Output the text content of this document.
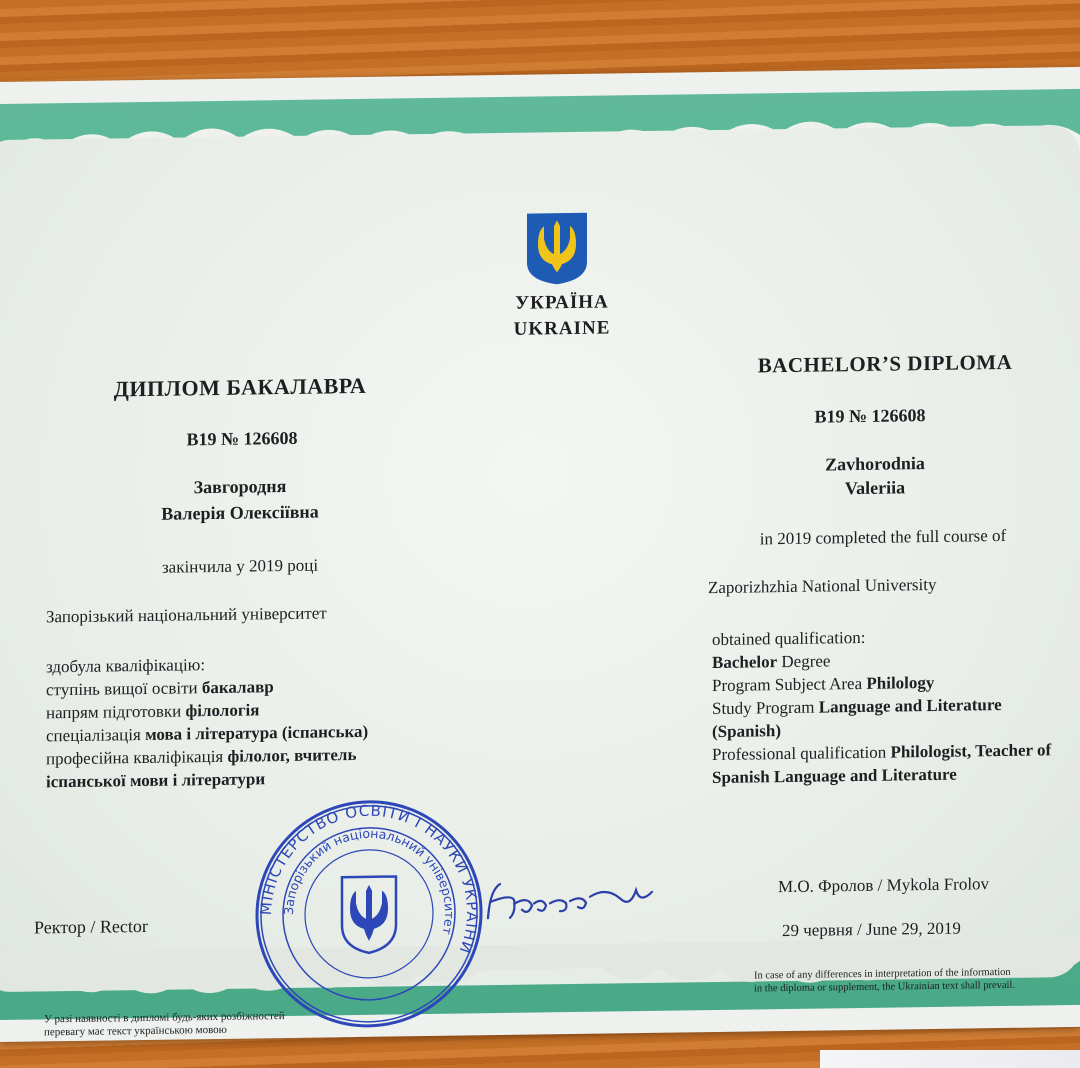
УКРАЇНА
UKRAINE
ДИПЛОМ БАКАЛАВРА
B19 № 126608
Завгородня
Валерія Олексіївна
закінчила у 2019 році
Запорізький національний університет
здобула кваліфікацію:
ступінь вищої освіти бакалавр
напрям підготовки філологія
спеціалізація мова і література (іспанська)
професійна кваліфікація філолог, вчитель
іспанської мови і літератури
Ректор / Rector
У разі наявності в дипломі будь-яких розбіжностей
перевагу має текст українською мовою
BACHELOR’S DIPLOMA
B19 № 126608
Zavhorodnia
Valeriia
in 2019 completed the full course of
Zaporizhzhia National University
obtained qualification:
Bachelor Degree
Program Subject Area Philology
Study Program Language and Literature
(Spanish)
Professional qualification Philologist, Teacher of
Spanish Language and Literature
М.О. Фролов / Mykola Frolov
29 червня / June 29, 2019
In case of any differences in interpretation of the information
in the diploma or supplement, the Ukrainian text shall prevail.
МІНІСТЕРСТВО ОСВІТИ І НАУКИ УКРАЇНИ
Запорізький національний університет
